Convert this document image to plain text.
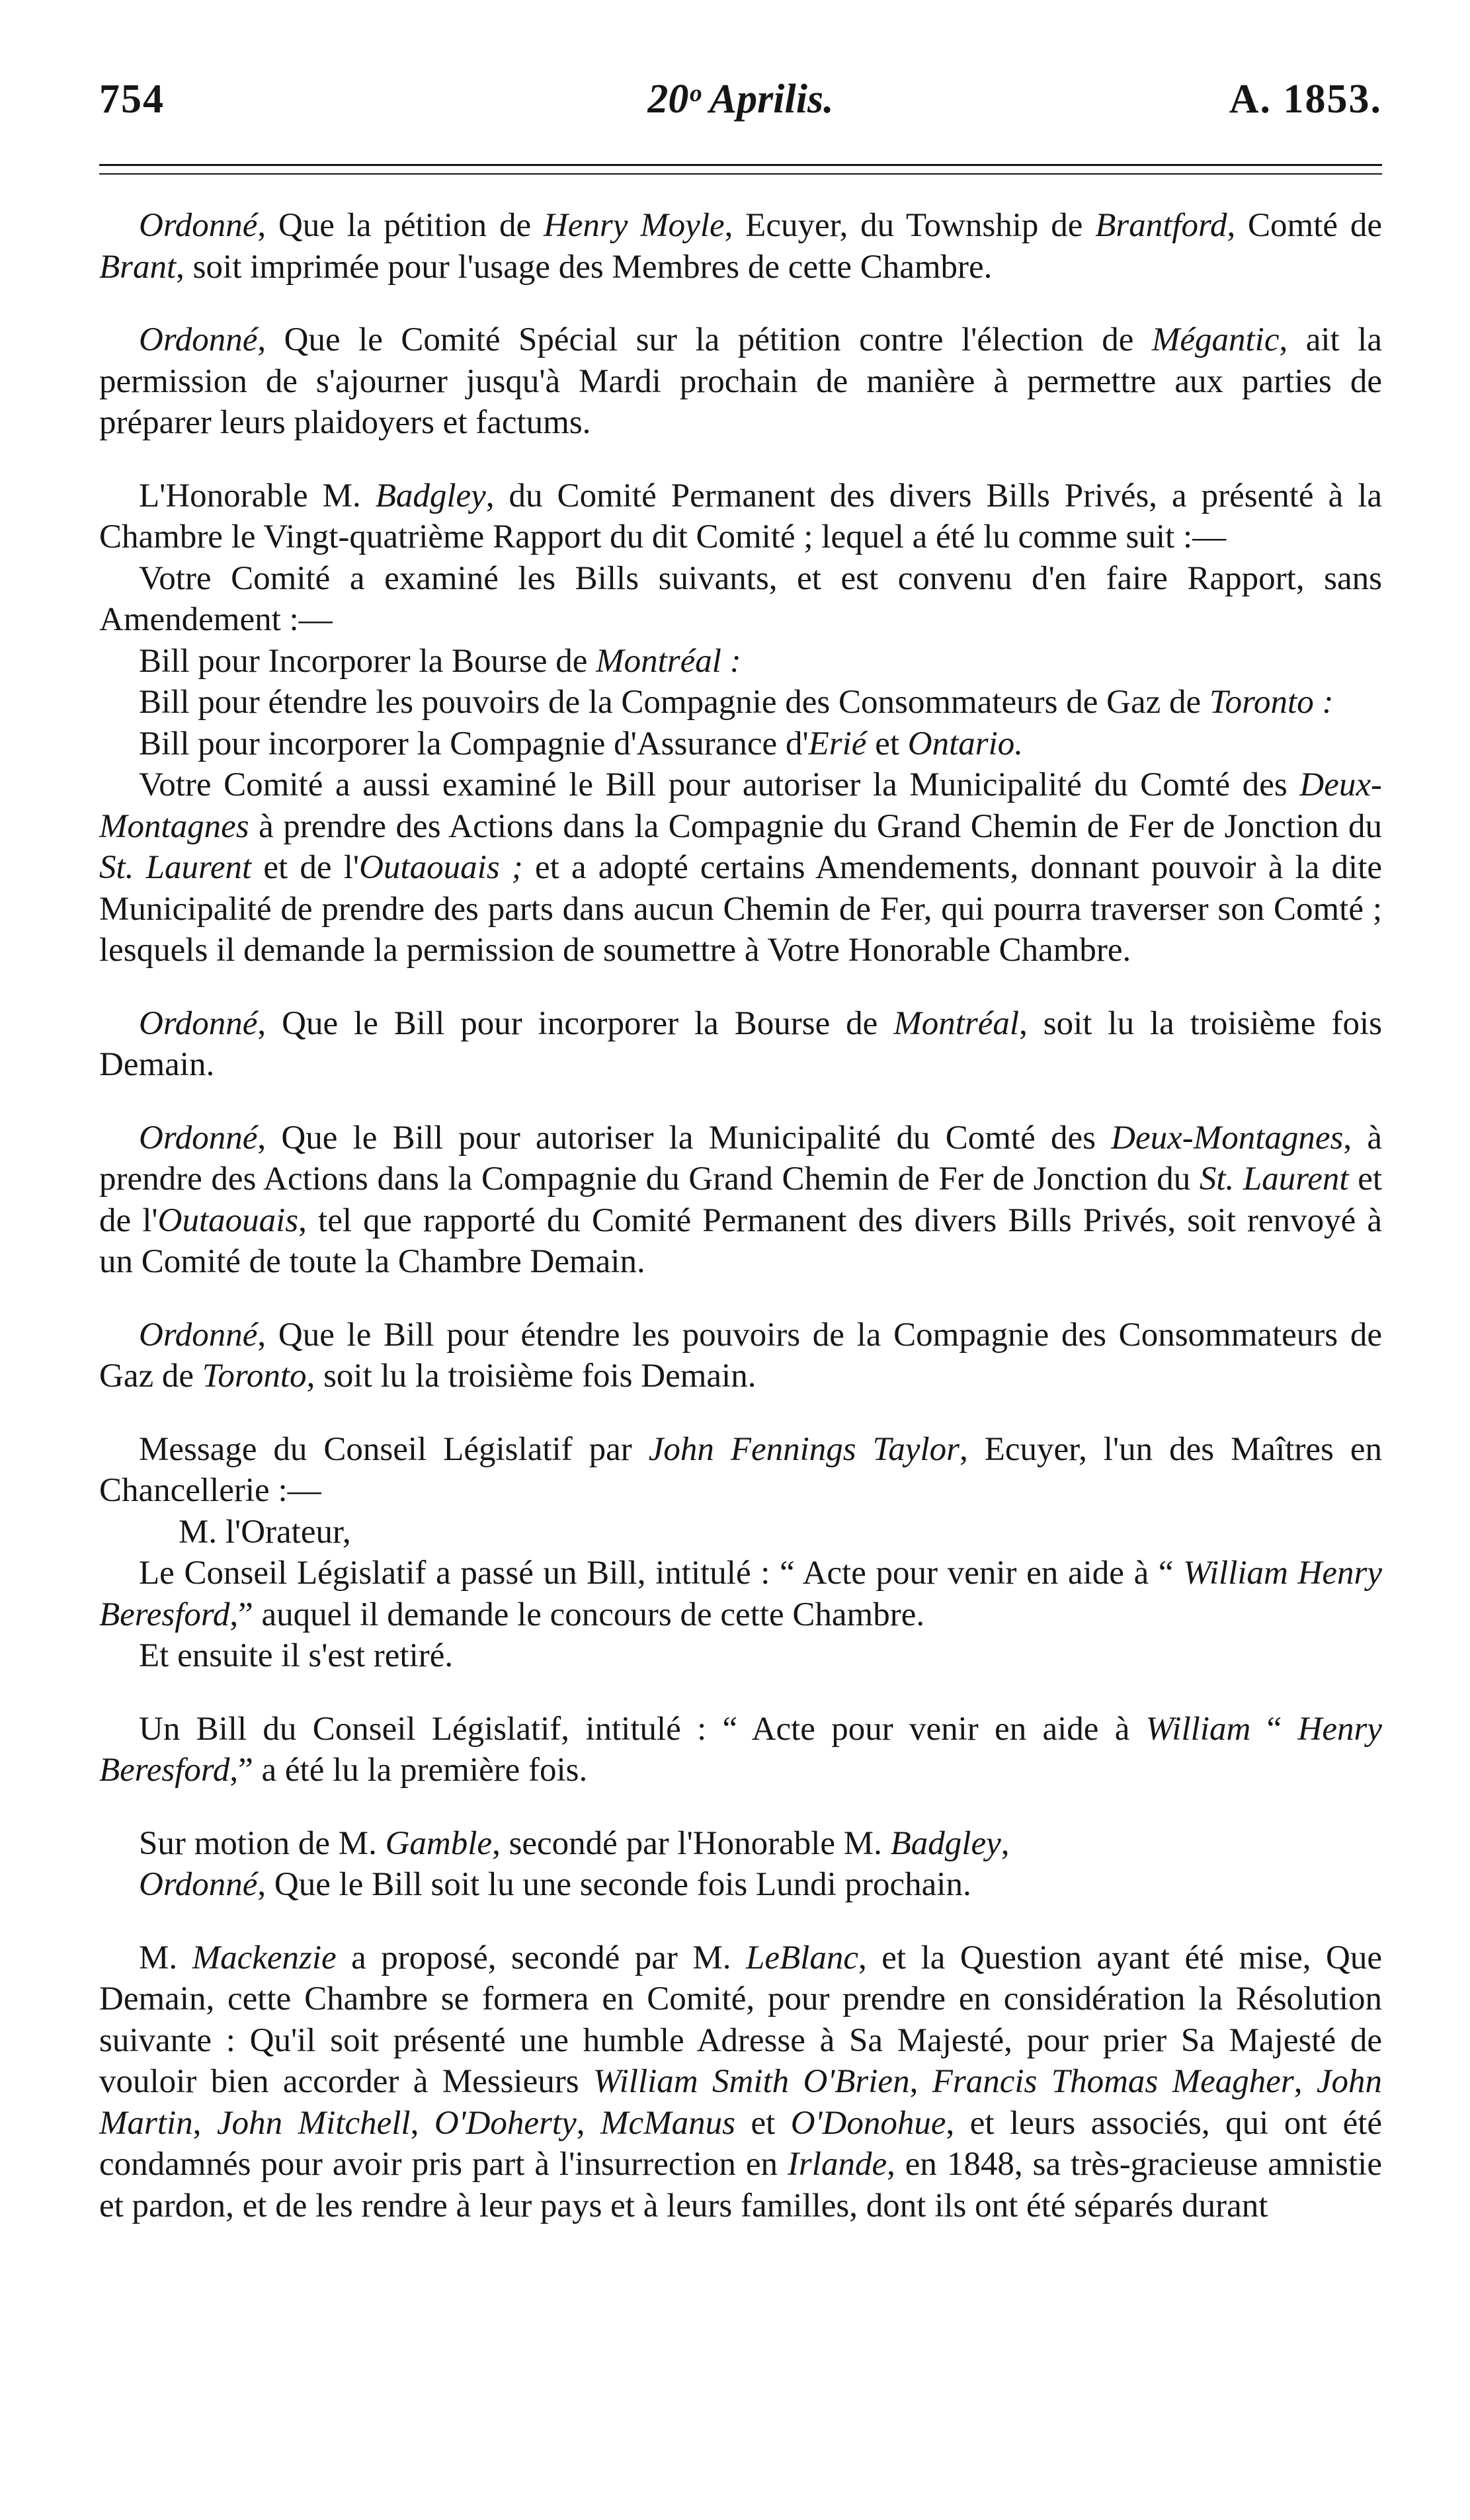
754	20ᵒ Aprilis.	A. 1853.

Ordonné, Que la pétition de Henry Moyle, Ecuyer, du Township de Brantford, Comté de Brant, soit imprimée pour l'usage des Membres de cette Chambre.

Ordonné, Que le Comité Spécial sur la pétition contre l'élection de Mégantic, ait la permission de s'ajourner jusqu'à Mardi prochain de manière à permettre aux parties de préparer leurs plaidoyers et factums.

L'Honorable M. Badgley, du Comité Permanent des divers Bills Privés, a présenté à la Chambre le Vingt-quatrième Rapport du dit Comité ; lequel a été lu comme suit :—

Votre Comité a examiné les Bills suivants, et est convenu d'en faire Rapport, sans Amendement :—

Bill pour Incorporer la Bourse de Montréal :

Bill pour étendre les pouvoirs de la Compagnie des Consommateurs de Gaz de Toronto :

Bill pour incorporer la Compagnie d'Assurance d'Erié et Ontario.

Votre Comité a aussi examiné le Bill pour autoriser la Municipalité du Comté des Deux-Montagnes à prendre des Actions dans la Compagnie du Grand Chemin de Fer de Jonction du St. Laurent et de l'Outaouais ; et a adopté certains Amendements, donnant pouvoir à la dite Municipalité de prendre des parts dans aucun Chemin de Fer, qui pourra traverser son Comté ; lesquels il demande la permission de soumettre à Votre Honorable Chambre.

Ordonné, Que le Bill pour incorporer la Bourse de Montréal, soit lu la troisième fois Demain.

Ordonné, Que le Bill pour autoriser la Municipalité du Comté des Deux-Montagnes, à prendre des Actions dans la Compagnie du Grand Chemin de Fer de Jonction du St. Laurent et de l'Outaouais, tel que rapporté du Comité Permanent des divers Bills Privés, soit renvoyé à un Comité de toute la Chambre Demain.

Ordonné, Que le Bill pour étendre les pouvoirs de la Compagnie des Consommateurs de Gaz de Toronto, soit lu la troisième fois Demain.

Message du Conseil Législatif par John Fennings Taylor, Ecuyer, l'un des Maîtres en Chancellerie :—

M. l'Orateur,

Le Conseil Législatif a passé un Bill, intitulé : “ Acte pour venir en aide à “ William Henry Beresford,” auquel il demande le concours de cette Chambre.

Et ensuite il s'est retiré.

Un Bill du Conseil Législatif, intitulé : “ Acte pour venir en aide à William “ Henry Beresford,” a été lu la première fois.

Sur motion de M. Gamble, secondé par l'Honorable M. Badgley,

Ordonné, Que le Bill soit lu une seconde fois Lundi prochain.

M. Mackenzie a proposé, secondé par M. LeBlanc, et la Question ayant été mise, Que Demain, cette Chambre se formera en Comité, pour prendre en considération la Résolution suivante : Qu'il soit présenté une humble Adresse à Sa Majesté, pour prier Sa Majesté de vouloir bien accorder à Messieurs William Smith O'Brien, Francis Thomas Meagher, John Martin, John Mitchell, O'Doherty, McManus et O'Donohue, et leurs associés, qui ont été condamnés pour avoir pris part à l'insurrection en Irlande, en 1848, sa très-gracieuse amnistie et pardon, et de les rendre à leur pays et à leurs familles, dont ils ont été séparés durant
